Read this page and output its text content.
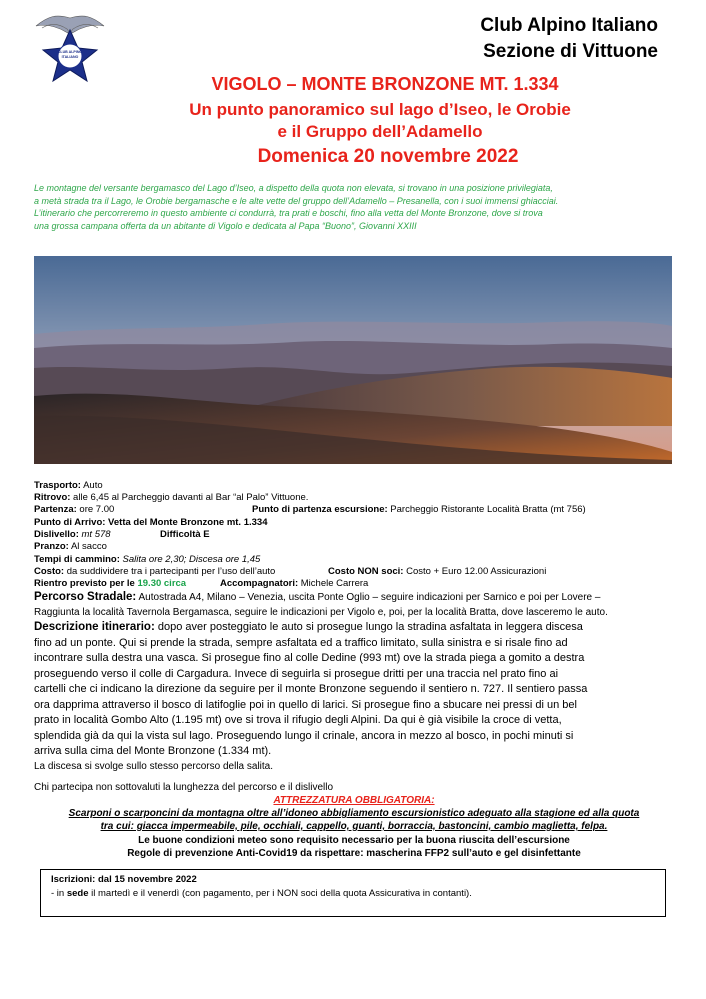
CLUB ALPINO
ITALIANO
Club Alpino Italiano
Sezione di Vittuone
VIGOLO – MONTE BRONZONE MT. 1.334
Un punto panoramico sul lago d’Iseo, le Orobie
e il Gruppo dell’Adamello
Domenica 20 novembre 2022
Le montagne del versante bergamasco del Lago d’Iseo, a dispetto della quota non elevata, si trovano in una posizione privilegiata,
a metà strada tra il Lago, le Orobie bergamasche e le alte vette del gruppo dell’Adamello – Presanella, con i suoi immensi ghiacciai.
L’itinerario che percorreremo in questo ambiente ci condurrà, tra prati e boschi, fino alla vetta del Monte Bronzone, dove si trova
una grossa campana offerta da un abitante di Vigolo e dedicata al Papa “Buono”, Giovanni XXIII
Trasporto: Auto
Ritrovo: alle 6,45 al Parcheggio davanti al Bar “al Palo” Vittuone.
Partenza: ore 7.00	Punto di partenza escursione: Parcheggio Ristorante Località Bratta (mt 756)
Punto di Arrivo: Vetta del Monte Bronzone mt. 1.334
Dislivello: mt 578	Difficoltà E
Pranzo: Al sacco
Tempi di cammino: Salita ore 2,30; Discesa ore 1,45
Costo: da suddividere tra i partecipanti per l’uso dell’auto	Costo NON soci: Costo + Euro 12.00 Assicurazioni
Rientro previsto per le 19.30 circa	Accompagnatori: Michele Carrera
Percorso Stradale: Autostrada A4, Milano – Venezia, uscita Ponte Oglio – seguire indicazioni per Sarnico e poi per Lovere –
Raggiunta la località Tavernola Bergamasca, seguire le indicazioni per Vigolo e, poi, per la località Bratta, dove lasceremo le auto.
Descrizione itinerario: dopo aver posteggiato le auto si prosegue lungo la stradina asfaltata in leggera discesa
fino ad un ponte. Qui si prende la strada, sempre asfaltata ed a traffico limitato, sulla sinistra e si risale fino ad
incontrare sulla destra una vasca. Si prosegue fino al colle Dedine (993 mt) ove la strada piega a gomito a destra
proseguendo verso il colle di Cargadura. Invece di seguirla si prosegue dritti per una traccia nel prato fino ai
cartelli che ci indicano la direzione da seguire per il monte Bronzone seguendo il sentiero n. 727. Il sentiero passa
ora dapprima attraverso il bosco di latifoglie poi in quello di larici. Si prosegue fino a sbucare nei pressi di un bel
prato in località Gombo Alto (1.195 mt) ove si trova il rifugio degli Alpini. Da qui è già visibile la croce di vetta,
splendida già da qui la vista sul lago. Proseguendo lungo il crinale, ancora in mezzo al bosco, in pochi minuti si
arriva sulla cima del Monte Bronzone (1.334 mt).
La discesa si svolge sullo stesso percorso della salita.
Chi partecipa non sottovaluti la lunghezza del percorso e il dislivello
ATTREZZATURA OBBLIGATORIA:
Scarponi o scarponcini da montagna oltre all’idoneo abbigliamento escursionistico adeguato alla stagione ed alla quota
tra cui: giacca impermeabile, pile, occhiali, cappello, guanti, borraccia, bastoncini, cambio maglietta, felpa.
Le buone condizioni meteo sono requisito necessario per la buona riuscita dell’escursione
Regole di prevenzione Anti-Covid19 da rispettare: mascherina FFP2 sull’auto e gel disinfettante
Iscrizioni: dal 15 novembre 2022
- in sede il martedì e il venerdì (con pagamento, per i NON soci della quota Assicurativa in contanti).
